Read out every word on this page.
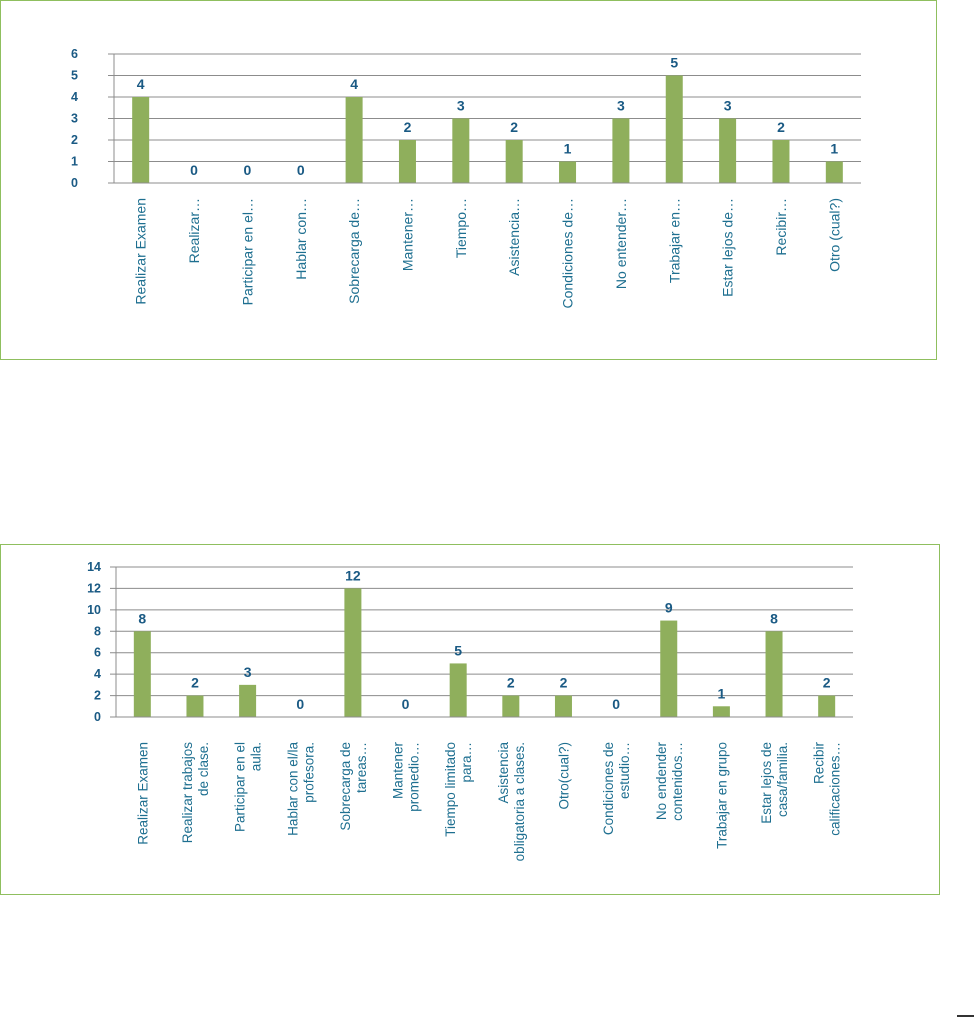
0
1
2
3
4
5
6
4
Realizar Examen
0
Realizar…
0
Participar en el…
0
Hablar con…
4
Sobrecarga de…
2
Mantener…
3
Tiempo…
2
Asistencia…
1
Condiciones de…
3
No entender…
5
Trabajar en…
3
Estar lejos de…
2
Recibir…
1
Otro (cual?)
0
2
4
6
8
10
12
14
8
Realizar Examen
2
Realizar trabajos de clase.
3
Participar en el aula.
0
Hablar con el/la profesora.
12
Sobrecarga de tareas…
0
Mantener promedio…
5
Tiempo limitado para…
2
Asistencia obligatoria a clases.
2
Otro(cual?)
0
Condiciones de estudio…
9
No endender contenidos…
1
Trabajar en grupo
8
Estar lejos de casa/familia.
2
Recibir calificaciones…
